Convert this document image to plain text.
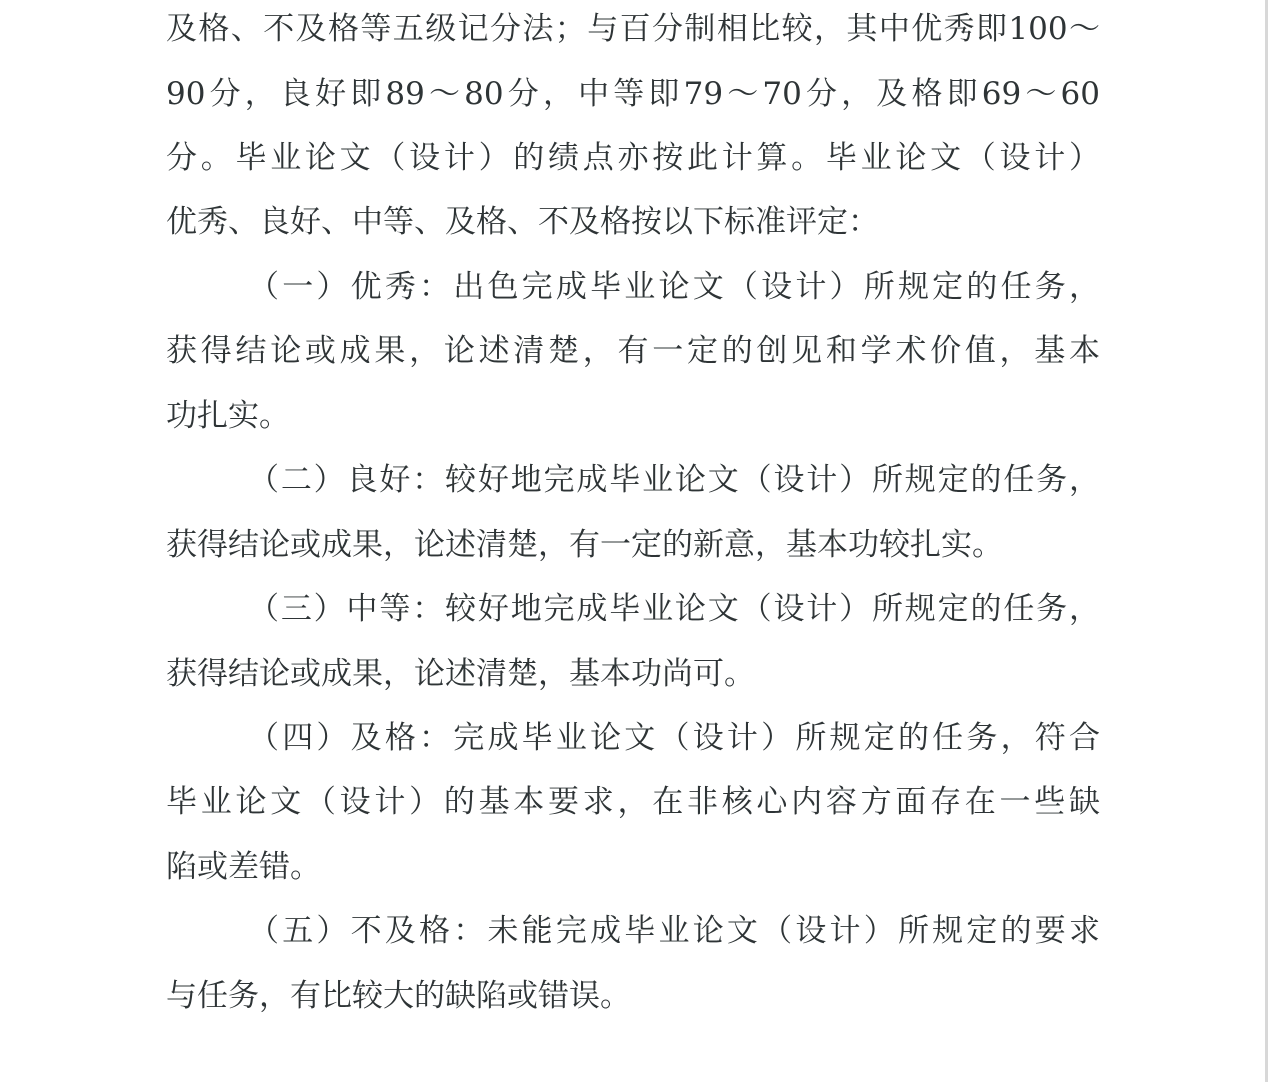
及格、不及格等五级记分法；与百分制相比较，其中优秀即100～
90分，良好即89～80分，中等即79～70分，及格即69～60
分。毕业论文（设计）的绩点亦按此计算。毕业论文（设计）
优秀、良好、中等、及格、不及格按以下标准评定：
（一）优秀：出色完成毕业论文（设计）所规定的任务，
获得结论或成果，论述清楚，有一定的创见和学术价值，基本
功扎实。
（二）良好：较好地完成毕业论文（设计）所规定的任务，
获得结论或成果，论述清楚，有一定的新意，基本功较扎实。
（三）中等：较好地完成毕业论文（设计）所规定的任务，
获得结论或成果，论述清楚，基本功尚可。
（四）及格：完成毕业论文（设计）所规定的任务，符合
毕业论文（设计）的基本要求，在非核心内容方面存在一些缺
陷或差错。
（五）不及格：未能完成毕业论文（设计）所规定的要求
与任务，有比较大的缺陷或错误。
